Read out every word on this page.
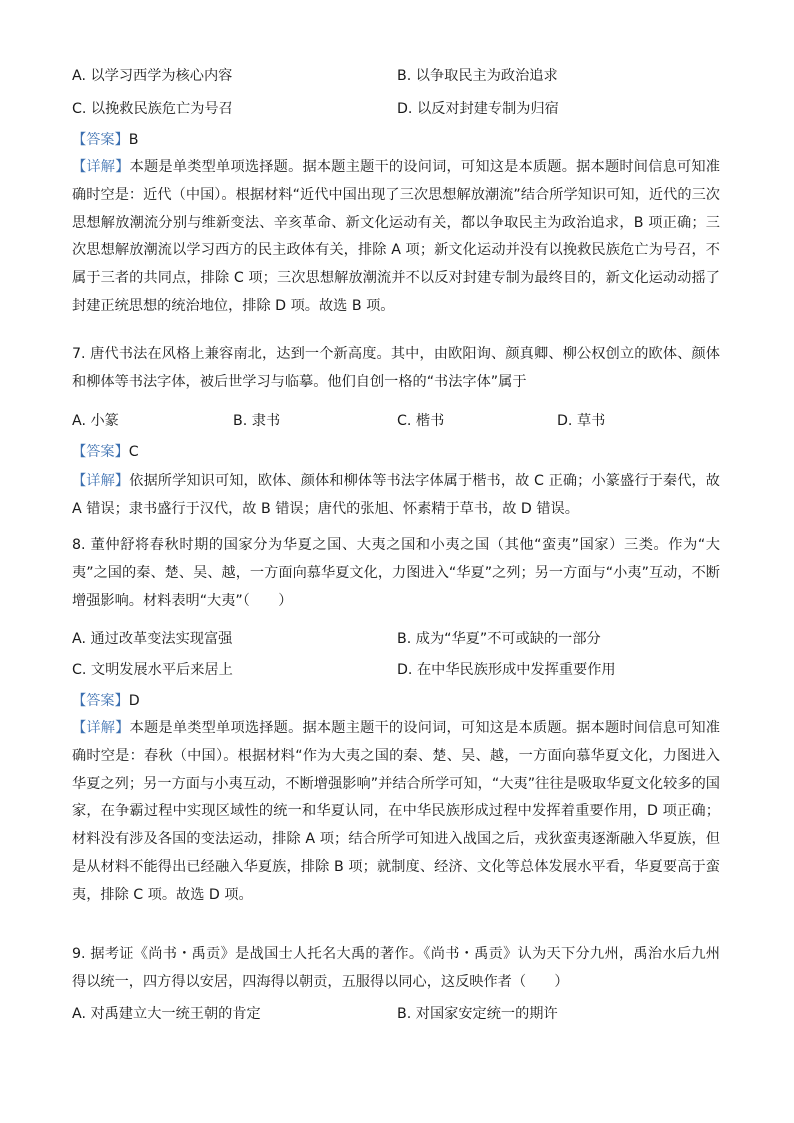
A. 以学习西学为核心内容	B. 以争取民主为政治追求
C. 以挽救民族危亡为号召	D. 以反对封建专制为归宿
【答案】B

【详解】本题是单类型单项选择题。据本题主题干的设问词，可知这是本质题。据本题时间信息可知准确时空是：近代（中国）。根据材料“近代中国出现了三次思想解放潮流”结合所学知识可知，近代的三次思想解放潮流分别与维新变法、辛亥革命、新文化运动有关，都以争取民主为政治追求，B 项正确；三次思想解放潮流以学习西方的民主政体有关，排除 A 项；新文化运动并没有以挽救民族危亡为号召，不属于三者的共同点，排除 C 项；三次思想解放潮流并不以反对封建专制为最终目的，新文化运动动摇了封建正统思想的统治地位，排除 D 项。故选 B 项。

7. 唐代书法在风格上兼容南北，达到一个新高度。其中，由欧阳询、颜真卿、柳公权创立的欧体、颜体和柳体等书法字体，被后世学习与临摹。他们自创一格的“书法字体”属于

A. 小篆	B. 隶书	C. 楷书	D. 草书
【答案】C

【详解】依据所学知识可知，欧体、颜体和柳体等书法字体属于楷书，故 C 正确；小篆盛行于秦代，故 A 错误；隶书盛行于汉代，故 B 错误；唐代的张旭、怀素精于草书，故 D 错误。

8. 董仲舒将春秋时期的国家分为华夏之国、大夷之国和小夷之国（其他“蛮夷”国家）三类。作为“大夷”之国的秦、楚、吴、越，一方面向慕华夏文化，力图进入“华夏”之列；另一方面与“小夷”互动，不断增强影响。材料表明“大夷”（　　）

A. 通过改革变法实现富强	B. 成为“华夏”不可或缺的一部分
C. 文明发展水平后来居上	D. 在中华民族形成中发挥重要作用
【答案】D

【详解】本题是单类型单项选择题。据本题主题干的设问词，可知这是本质题。据本题时间信息可知准确时空是：春秋（中国）。根据材料“作为大夷之国的秦、楚、吴、越，一方面向慕华夏文化，力图进入华夏之列；另一方面与小夷互动，不断增强影响”并结合所学可知，“大夷”往往是吸取华夏文化较多的国家，在争霸过程中实现区域性的统一和华夏认同，在中华民族形成过程中发挥着重要作用，D 项正确；材料没有涉及各国的变法运动，排除 A 项；结合所学可知进入战国之后，戎狄蛮夷逐渐融入华夏族，但是从材料不能得出已经融入华夏族，排除 B 项；就制度、经济、文化等总体发展水平看，华夏要高于蛮夷，排除 C 项。故选 D 项。

9. 据考证《尚书・禹贡》是战国士人托名大禹的著作。《尚书・禹贡》认为天下分九州，禹治水后九州得以统一，四方得以安居，四海得以朝贡，五服得以同心，这反映作者（　　）

A. 对禹建立大一统王朝的肯定	B. 对国家安定统一的期许
